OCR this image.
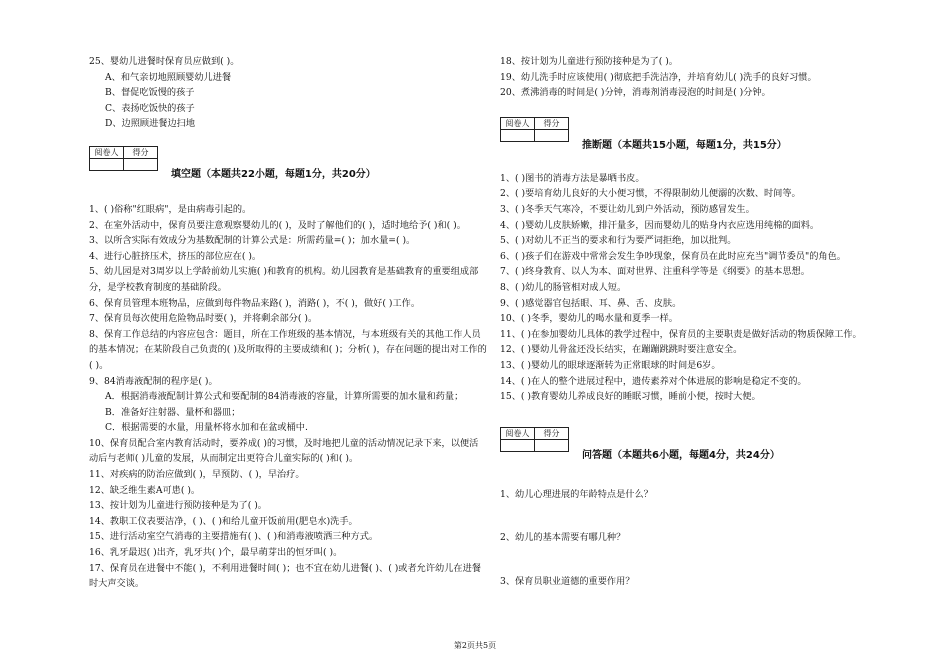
25、婴幼儿进餐时保育员应做到( )。
A、和气亲切地照顾婴幼儿进餐
B、督促吃饭慢的孩子
C、表扬吃饭快的孩子
D、边照顾进餐边扫地
阅卷人	得分

填空题（本题共22小题，每题1分，共20分）
1、( )俗称"红眼病"，是由病毒引起的。
2、在室外活动中，保育员要注意观察婴幼儿的( )，及时了解他们的( )，适时地给予( )和( )。
3、以所含实际有效成分为基数配制的计算公式是：所需药量=( )；加水量=( )。
4、进行心脏挤压术，挤压的部位应在( )。
5、幼儿园是对3周岁以上学龄前幼儿实施( )和教育的机构。幼儿园教育是基础教育的重要组成部分，是学校教育制度的基础阶段。
6、保育员管理本班物品，应做到每件物品来路( )，消路( )，不( )，做好( )工作。
7、保育员每次使用危险物品时要( )，并将剩余部分( )。
8、保育工作总结的内容应包含：题目，所在工作班级的基本情况，与本班级有关的其他工作人员的基本情况；在某阶段自己负责的( )及所取得的主要成绩和( )；分析( )，存在问题的提出对工作的( )。
9、84消毒液配制的程序是( )。
A．根据消毒液配制计算公式和要配制的84消毒液的容量，计算所需要的加水量和药量；
B．准备好注射器、量杯和器皿；
C．根据需要的水量，用量杯将水加和在盆或桶中.
10、保育员配合室内教育活动时，要养成( )的习惯，及时地把儿童的活动情况记录下来，以便活动后与老师( )儿童的发展，从而制定出更符合儿童实际的( )和( )。
11、对疾病的防治应做到( )，早预防、( )，早治疗。
12、缺乏维生素A可患( )。
13、按计划为儿童进行预防接种是为了( )。
14、教职工仪表要洁净，( )、( )和给儿童开饭前用(肥皂水)洗手。
15、进行活动室空气消毒的主要措施有( )、( )和消毒液喷洒三种方式。
16、乳牙最迟( )出齐，乳牙共( )个，最早萌芽出的恒牙叫( )。
17、保育员在进餐中不能( )，不利用进餐时间( )；也不宜在幼儿进餐( )、( )或者允许幼儿在进餐时大声交谈。
18、按计划为儿童进行预防接种是为了( )。
19、幼儿洗手时应该使用( )彻底把手洗洁净，并培育幼儿( )洗手的良好习惯。
20、煮沸消毒的时间是( )分钟，消毒剂消毒浸泡的时间是( )分钟。
阅卷人	得分

推断题（本题共15小题，每题1分，共15分）
1、( )图书的消毒方法是暴晒书皮。
2、( )要培育幼儿良好的大小便习惯，不得限制幼儿便溺的次数、时间等。
3、( )冬季天气寒冷，不要让幼儿到户外活动，预防感冒发生。
4、( )婴幼儿皮肤娇嫩，排汗量多，因而婴幼儿的贴身内衣应选用纯棉的面料。
5、( )对幼儿不正当的要求和行为要严词拒绝，加以批判。
6、( )孩子们在游戏中常常会发生争吵现象，保育员在此时应充当"调节委员"的角色。
7、( )终身教育、以人为本、面对世界、注重科学等是《纲要》的基本思想。
8、( )幼儿的肠管相对成人短。
9、( )感觉器官包括眼、耳、鼻、舌、皮肤。
10、( )冬季，婴幼儿的喝水量和夏季一样。
11、( )在参加婴幼儿具体的教学过程中，保育员的主要职责是做好活动的物质保障工作。
12、( )婴幼儿骨盆还没长结实，在蹦蹦跳跳时要注意安全。
13、( )婴幼儿的眼球逐渐转为正常眼球的时间是6岁。
14、( )在人的整个进展过程中，遗传素养对个体进展的影响是稳定不变的。
15、( )教育婴幼儿养成良好的睡眠习惯，睡前小便，按时大便。
阅卷人	得分

问答题（本题共6小题，每题4分，共24分）
1、幼儿心理进展的年龄特点是什么？
2、幼儿的基本需要有哪几种？
3、保育员职业道德的重要作用？
第2页共5页
